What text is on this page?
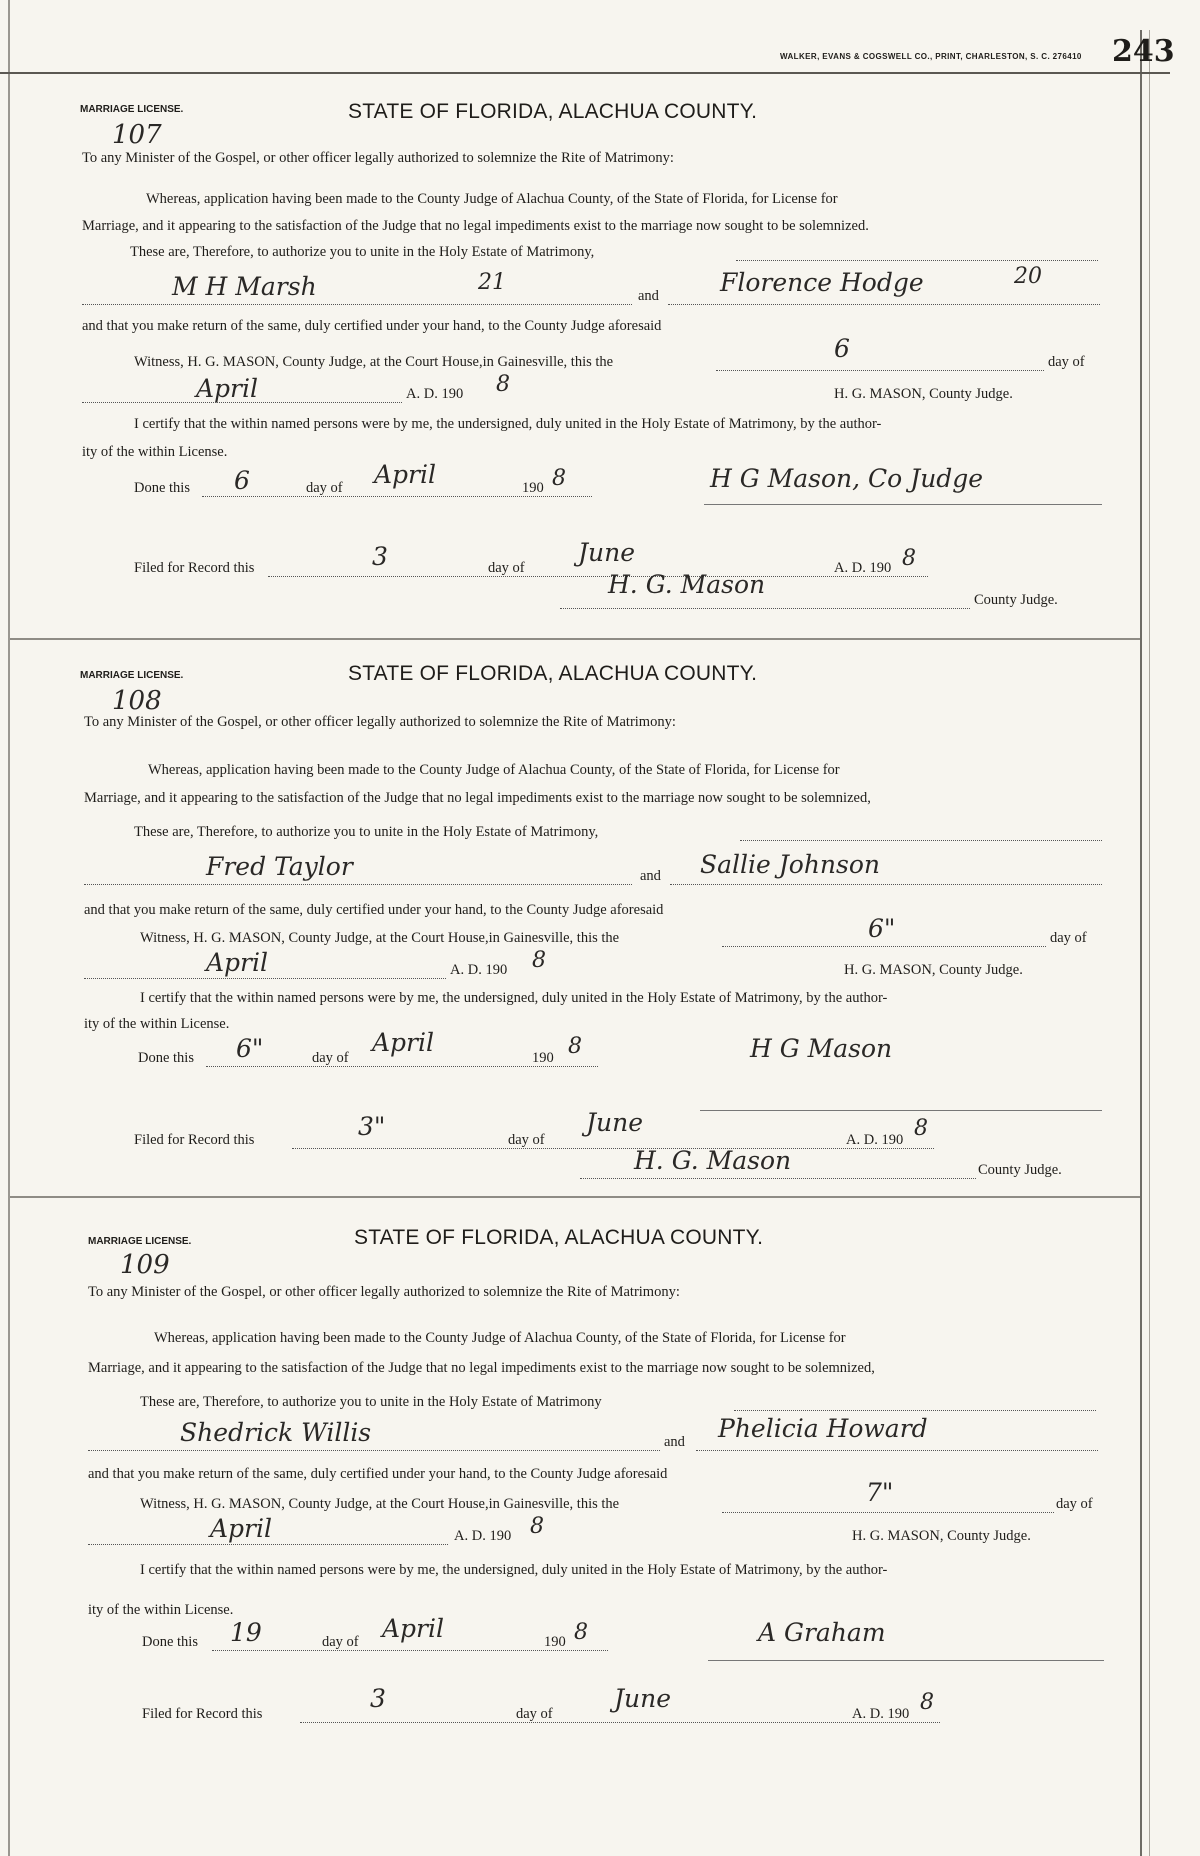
WALKER, EVANS & COGSWELL CO., PRINT, CHARLESTON, S. C. 276410 243
MARRIAGE LICENSE.
107
STATE OF FLORIDA, ALACHUA COUNTY.
To any Minister of the Gospel, or other officer legally authorized to solemnize the Rite of Matrimony:
Whereas, application having been made to the County Judge of Alachua County, of the State of Florida, for License for
Marriage, and it appearing to the satisfaction of the Judge that no legal impediments exist to the marriage now sought to be solemnized.
These are, Therefore, to authorize you to unite in the Holy Estate of Matrimony,
M H Marsh	21
and Florence Hodge	20
and that you make return of the same, duly certified under your hand, to the County Judge aforesaid
Witness, H. G. MASON, County Judge, at the Court House,in Gainesville, this the	6	day of
April	A. D. 190 8	H. G. MASON, County Judge.
I certify that the within named persons were by me, the undersigned, duly united in the Holy Estate of Matrimony, by the author-
ity of the within License.
Done this 6	day of April	190 8	H G Mason, Co Judge
Filed for Record this	3	day of
June
A. D. 190 8
H. G. Mason
County Judge.
MARRIAGE LICENSE.
108
STATE OF FLORIDA, ALACHUA COUNTY.
To any Minister of the Gospel, or other officer legally authorized to solemnize the Rite of Matrimony:
Whereas, application having been made to the County Judge of Alachua County, of the State of Florida, for License for
Marriage, and it appearing to the satisfaction of the Judge that no legal impediments exist to the marriage now sought to be solemnized,
These are, Therefore, to authorize you to unite in the Holy Estate of Matrimony,
Fred Taylor	and Sallie Johnson
and that you make return of the same, duly certified under your hand, to the County Judge aforesaid
Witness, H. G. MASON, County Judge, at the Court House,in Gainesville, this the	6"	day of
April	A. D. 190 8	H. G. MASON, County Judge.
I certify that the within named persons were by me, the undersigned, duly united in the Holy Estate of Matrimony, by the author-
ity of the within License.
Done this 6"	day of
April
190 8	H G Mason
Filed for Record this	3"	day of
June
A. D. 190 8
H. G. Mason	County Judge.
MARRIAGE LICENSE.
109
STATE OF FLORIDA, ALACHUA COUNTY.
To any Minister of the Gospel, or other officer legally authorized to solemnize the Rite of Matrimony:
Whereas, application having been made to the County Judge of Alachua County, of the State of Florida, for License for
Marriage, and it appearing to the satisfaction of the Judge that no legal impediments exist to the marriage now sought to be solemnized,
These are, Therefore, to authorize you to unite in the Holy Estate of Matrimony
Shedrick Willis	and Phelicia Howard
and that you make return of the same, duly certified under your hand, to the County Judge aforesaid
Witness, H. G. MASON, County Judge, at the Court House,in Gainesville, this the	7"	day of
April	A. D. 190 8	H. G. MASON, County Judge.
I certify that the within named persons were by me, the undersigned, duly united in the Holy Estate of Matrimony, by the author-
ity of the within License.
Done this 19	day of April	190 8	A Graham
Filed for Record this
3
day of
June
A. D. 190 8
